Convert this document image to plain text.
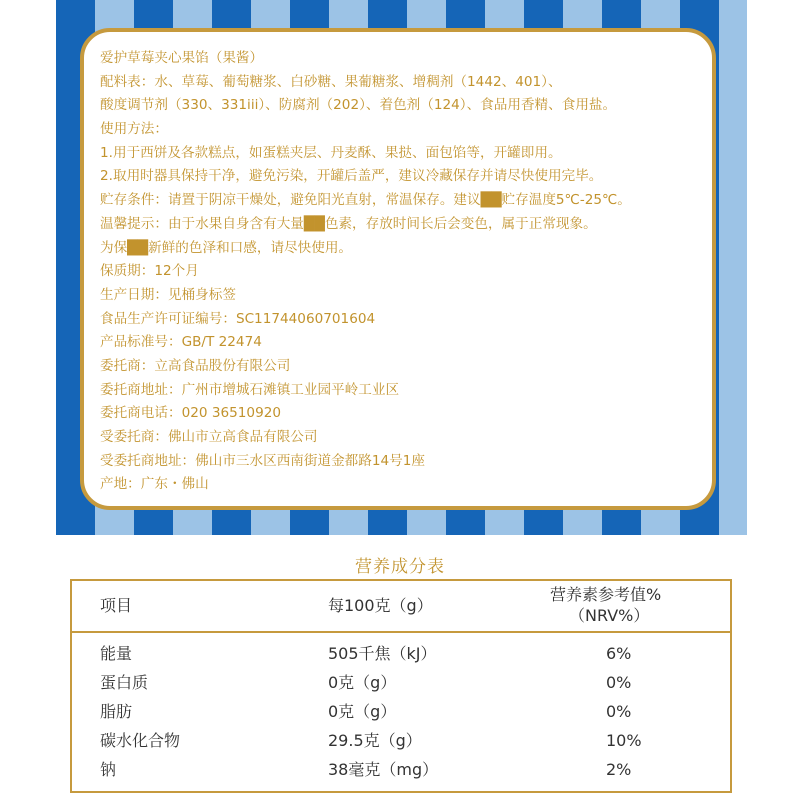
爱护草莓夹心果馅（果酱）
配料表：水、草莓、葡萄糖浆、白砂糖、果葡糖浆、增稠剂（1442、401）、
酸度调节剂（330、331iii）、防腐剂（202）、着色剂（124）、食品用香精、食用盐。
使用方法：
1.用于西饼及各款糕点，如蛋糕夹层、丹麦酥、果挞、面包馅等，开罐即用。
2.取用时器具保持干净，避免污染，开罐后盖严，建议冷藏保存并请尽快使用完毕。
贮存条件：请置于阴凉干燥处，避免阳光直射，常温保存。建议██贮存温度5℃-25℃。
温馨提示：由于水果自身含有大量██色素，存放时间长后会变色，属于正常现象。
为保██新鲜的色泽和口感，请尽快使用。
保质期：12个月
生产日期：见桶身标签
食品生产许可证编号：SC11744060701604
产品标准号：GB/T 22474
委托商：立高食品股份有限公司
委托商地址：广州市增城石滩镇工业园平岭工业区
委托商电话：020 36510920
受委托商：佛山市立高食品有限公司
受委托商地址：佛山市三水区西南街道金都路14号1座
产地：广东・佛山
营养成分表
项目	每100克（g）
营养素参考值%
（NRV%）
能量	505千焦（kJ）	6%
蛋白质	0克（g）	0%
脂肪	0克（g）	0%
碳水化合物	29.5克（g）	10%
钠	38毫克（mg）	2%
